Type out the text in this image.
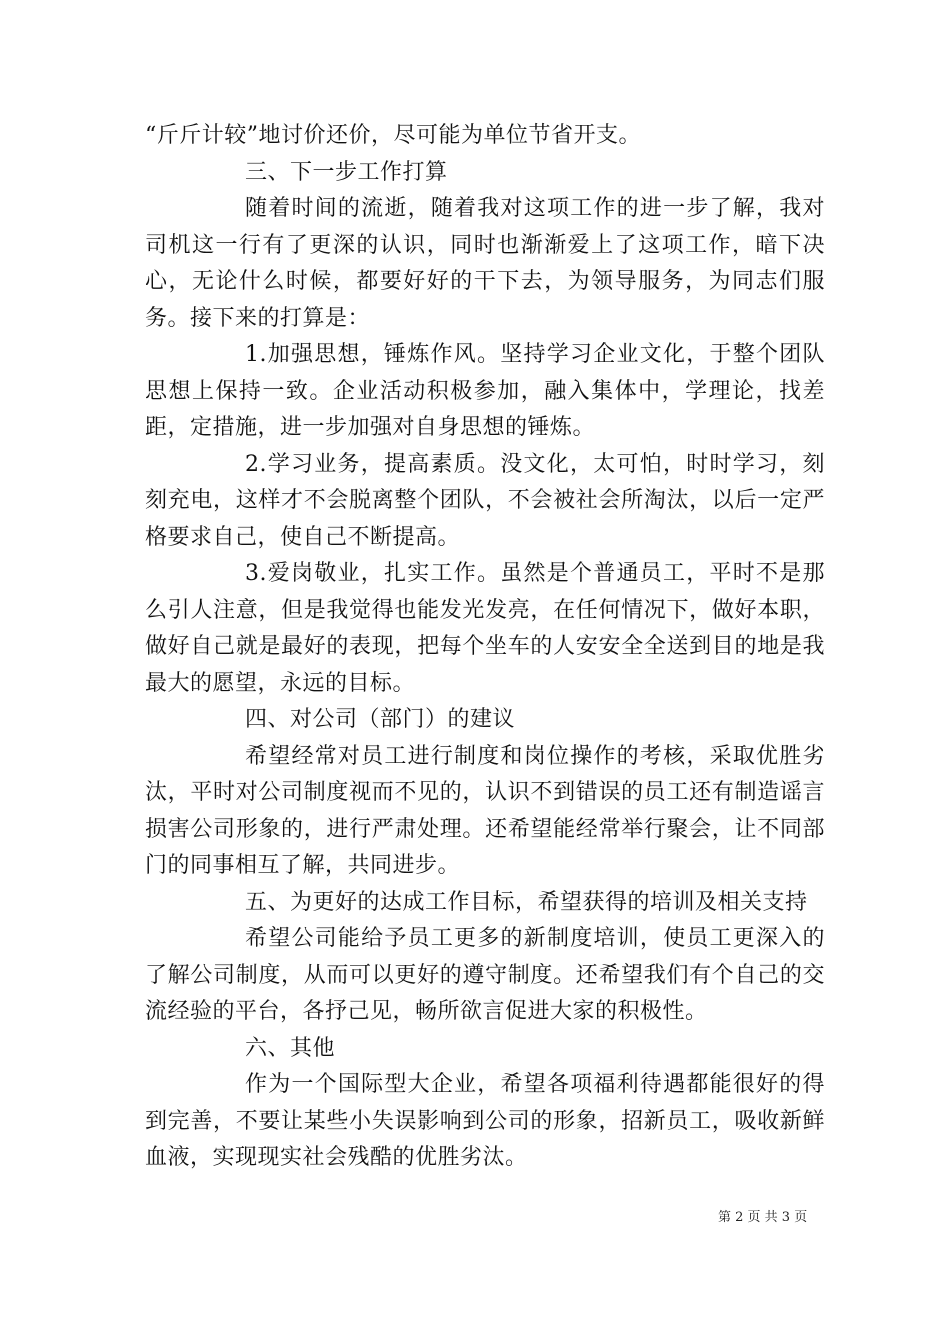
“斤斤计较”地讨价还价，尽可能为单位节省开支。

三、下一步工作打算

随着时间的流逝，随着我对这项工作的进一步了解，我对司机这一行有了更深的认识，同时也渐渐爱上了这项工作，暗下决心，无论什么时候，都要好好的干下去，为领导服务，为同志们服务。接下来的打算是：

1.加强思想，锤炼作风。坚持学习企业文化，于整个团队思想上保持一致。企业活动积极参加，融入集体中，学理论，找差距，定措施，进一步加强对自身思想的锤炼。

2.学习业务，提高素质。没文化，太可怕，时时学习，刻刻充电，这样才不会脱离整个团队，不会被社会所淘汰，以后一定严格要求自己，使自己不断提高。

3.爱岗敬业，扎实工作。虽然是个普通员工，平时不是那么引人注意，但是我觉得也能发光发亮，在任何情况下，做好本职，做好自己就是最好的表现，把每个坐车的人安安全全送到目的地是我最大的愿望，永远的目标。

四、对公司（部门）的建议

希望经常对员工进行制度和岗位操作的考核，采取优胜劣汰，平时对公司制度视而不见的，认识不到错误的员工还有制造谣言损害公司形象的，进行严肃处理。还希望能经常举行聚会，让不同部门的同事相互了解，共同进步。

五、为更好的达成工作目标，希望获得的培训及相关支持

希望公司能给予员工更多的新制度培训，使员工更深入的了解公司制度，从而可以更好的遵守制度。还希望我们有个自己的交流经验的平台，各抒己见，畅所欲言促进大家的积极性。

六、其他

作为一个国际型大企业，希望各项福利待遇都能很好的得到完善，不要让某些小失误影响到公司的形象，招新员工，吸收新鲜血液，实现现实社会残酷的优胜劣汰。

第 2 页 共 3 页
